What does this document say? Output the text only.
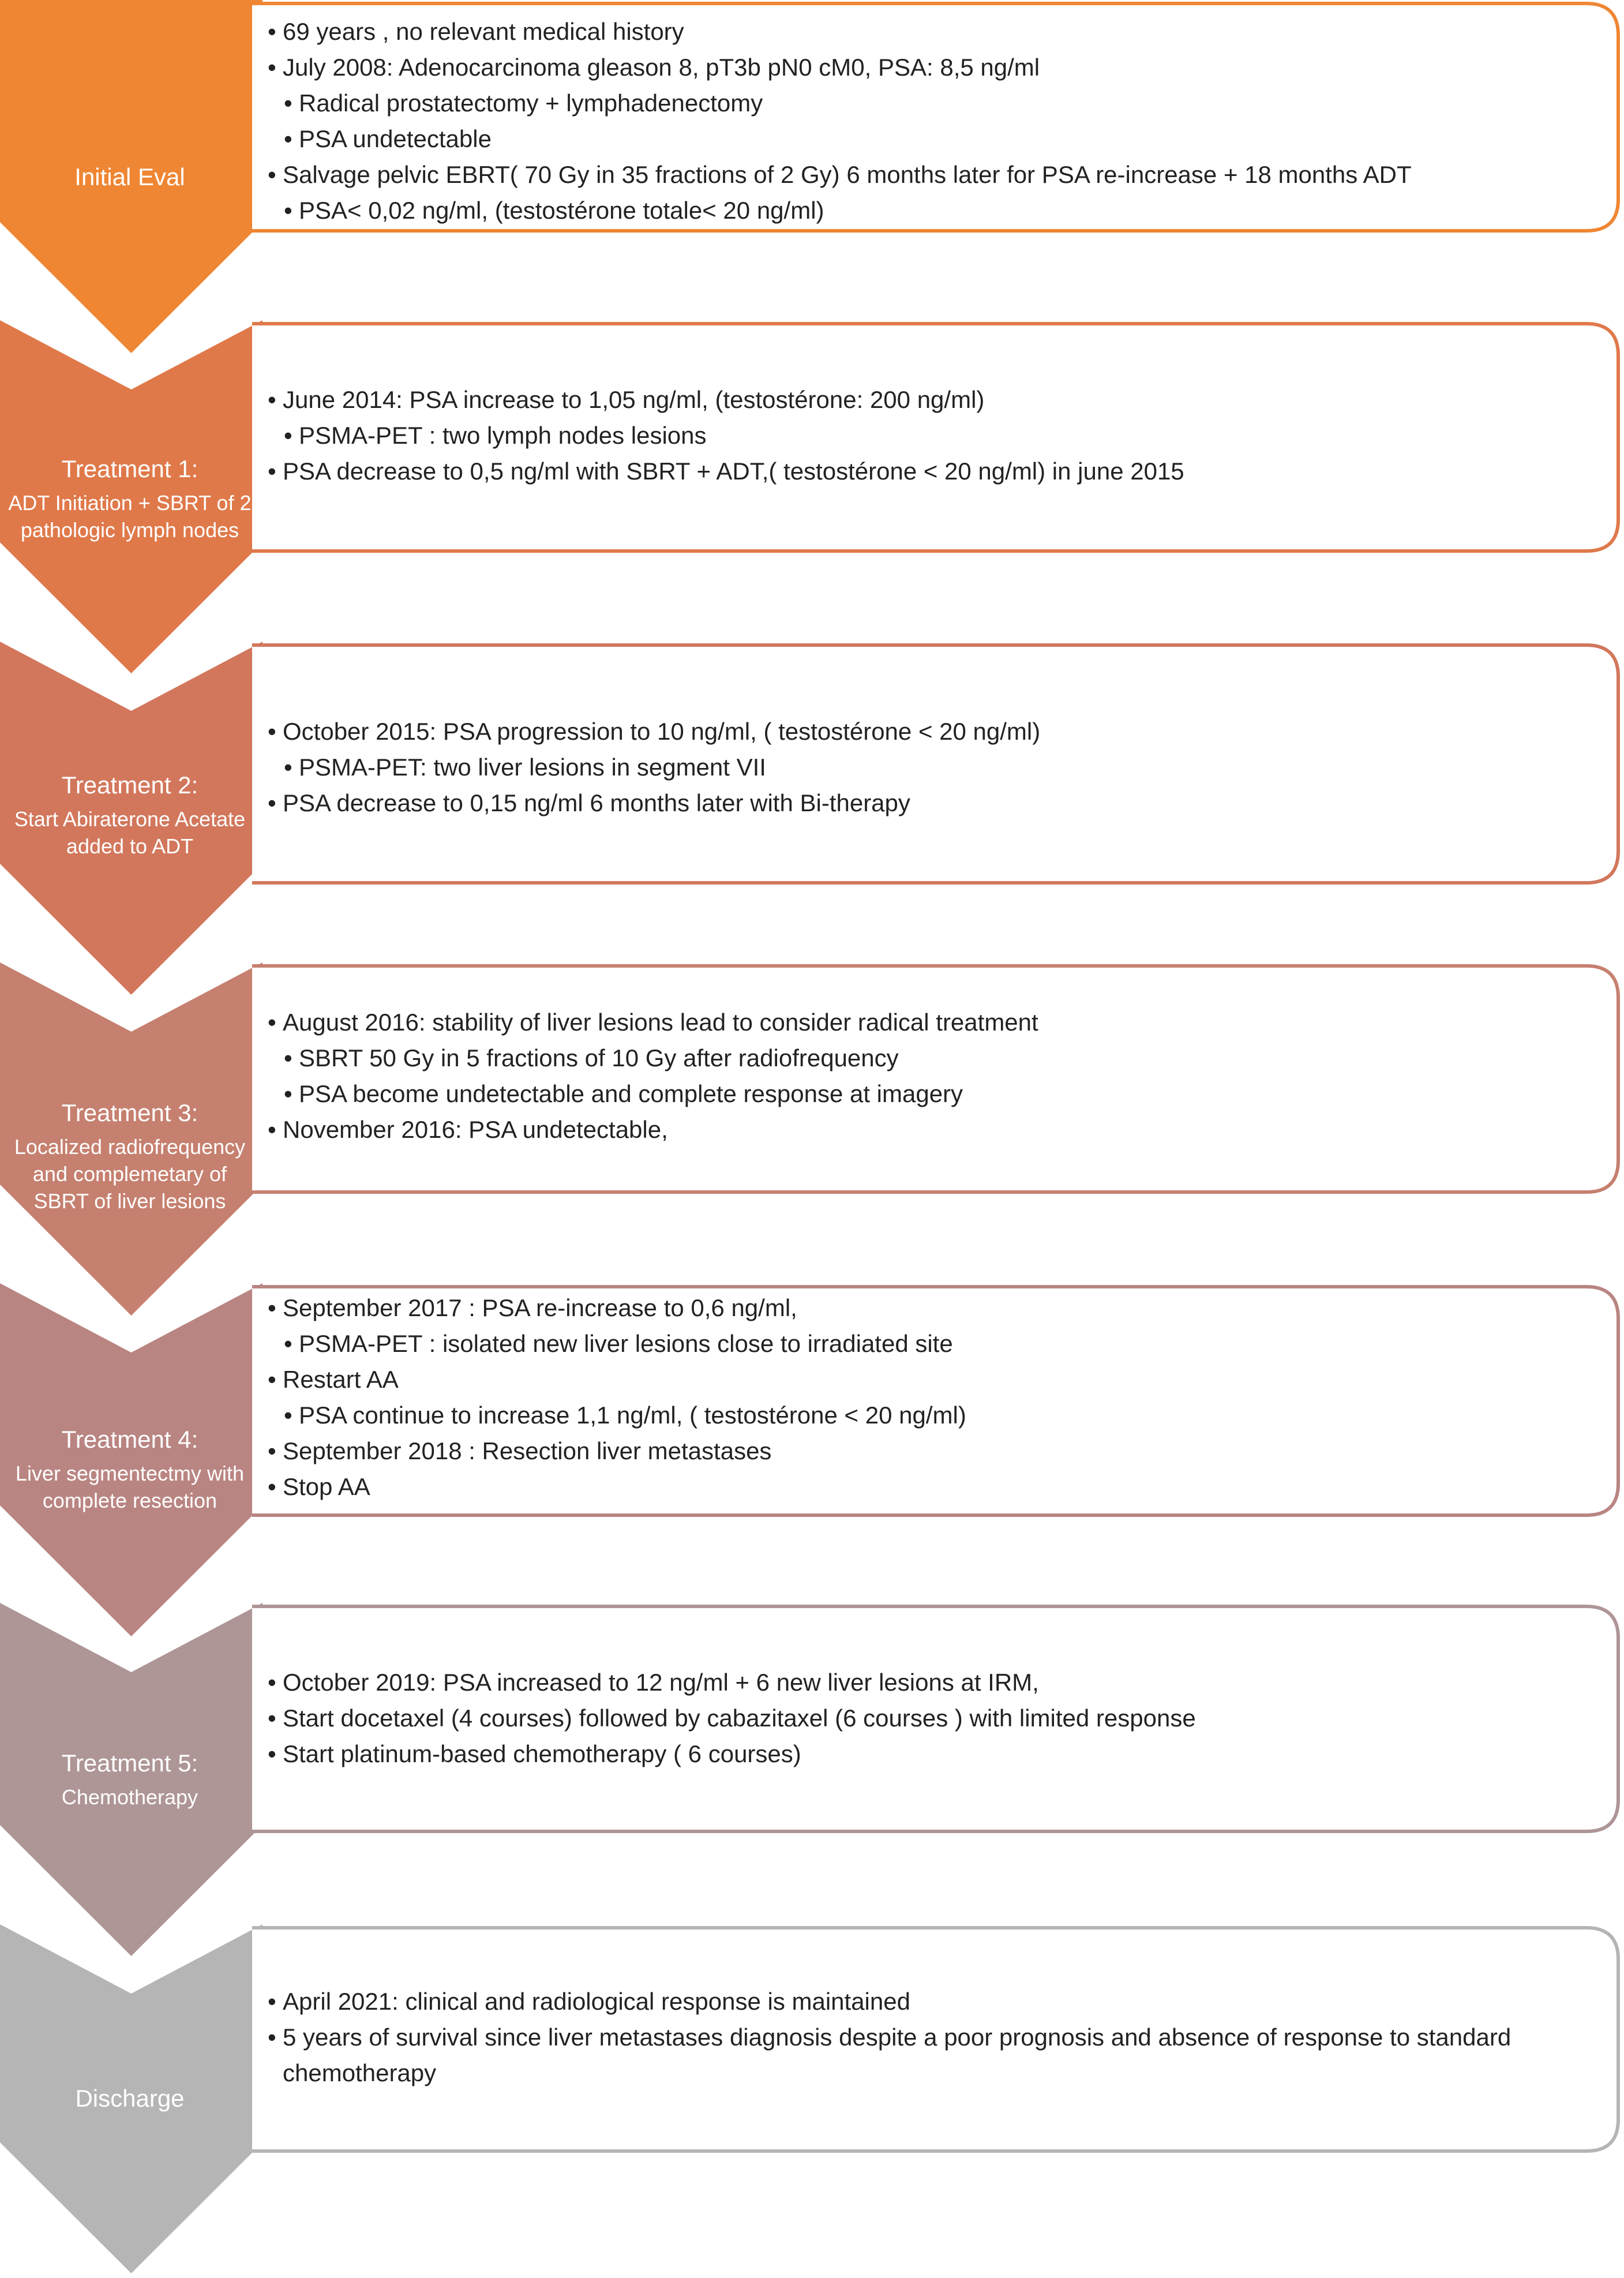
Initial Eval
Treatment 1:
ADT Initiation + SBRT of 2 pathologic lymph nodes
Treatment 2:
Start Abiraterone Acetate added to ADT
Treatment 3:
Localized radiofrequency and complemetary of SBRT of liver lesions
Treatment 4:
Liver segmentectmy with complete resection
Treatment 5:
Chemotherapy
Discharge
• 69 years , no relevant medical history
• July 2008: Adenocarcinoma gleason 8, pT3b pN0 cM0, PSA: 8,5 ng/ml
• Radical prostatectomy + lymphadenectomy
• PSA undetectable
• Salvage pelvic EBRT( 70 Gy in 35 fractions of 2 Gy) 6 months later for PSA re-increase + 18 months ADT
• PSA< 0,02 ng/ml, (testostérone totale< 20 ng/ml)
• June 2014: PSA increase to 1,05 ng/ml, (testostérone: 200 ng/ml)
• PSMA-PET : two lymph nodes lesions
• PSA decrease to 0,5 ng/ml with SBRT + ADT,( testostérone < 20 ng/ml) in june 2015
• October 2015: PSA progression to 10 ng/ml, ( testostérone < 20 ng/ml)
• PSMA-PET: two liver lesions in segment VII
• PSA decrease to 0,15 ng/ml 6 months later with Bi-therapy
• August 2016: stability of liver lesions lead to consider radical treatment
• SBRT 50 Gy in 5 fractions of 10 Gy after radiofrequency
• PSA become undetectable and complete response at imagery
• November 2016: PSA undetectable,
• September 2017 : PSA re-increase to 0,6 ng/ml,
• PSMA-PET : isolated new liver lesions close to irradiated site
• Restart AA
• PSA continue to increase 1,1 ng/ml, ( testostérone < 20 ng/ml)
• September 2018 : Resection liver metastases
• Stop AA
• October 2019: PSA increased to 12 ng/ml + 6 new liver lesions at IRM,
• Start docetaxel (4 courses) followed by cabazitaxel (6 courses ) with limited response
• Start platinum-based chemotherapy ( 6 courses)
• April 2021: clinical and radiological response is maintained
• 5 years of survival since liver metastases diagnosis despite a poor prognosis and absence of response to standard chemotherapy
